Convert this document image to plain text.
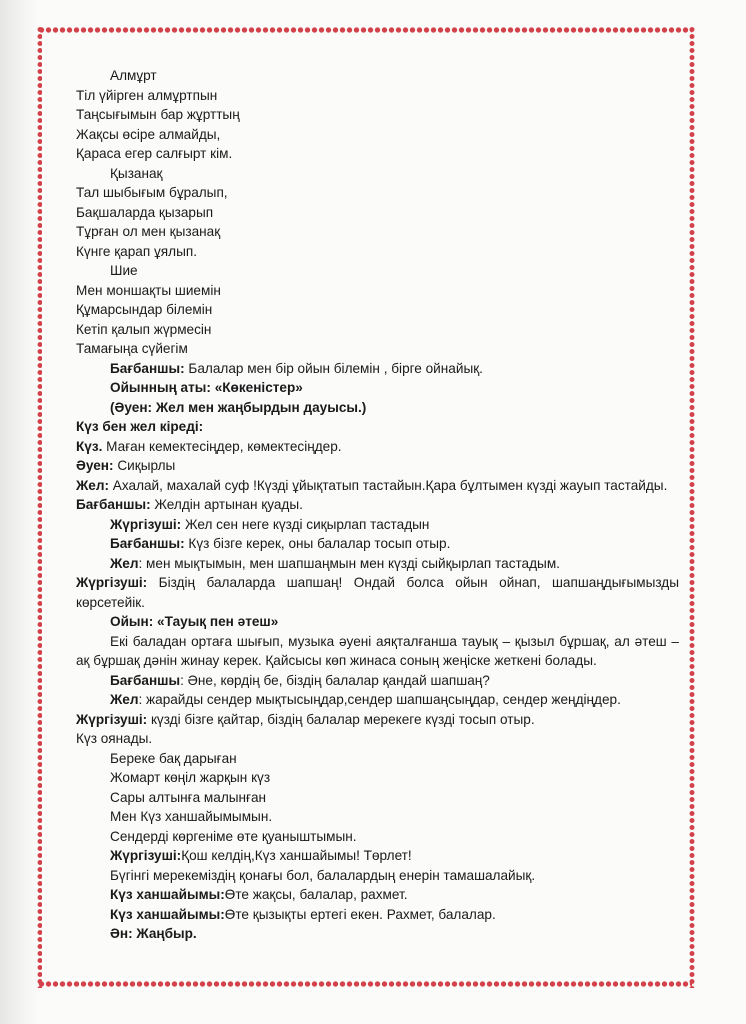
Алмұрт
Тіл үйірген алмұртпын
Таңсығымын бар жұрттың
Жақсы өсіре алмайды,
Қараса егер салғырт кім.
Қызанақ
Тал шыбығым бұралып,
Бақшаларда қызарып
Тұрған ол мен қызанақ
Күнге қарап ұялып.
Шие
Мен моншақты шиемін
Құмарсындар білемін
Кетіп қалып жүрмесін
Тамағыңа сүйегім
Бағбаншы: Балалар мен бір ойын білемін , бірге ойнайық.
Ойынның аты: «Көкеністер»
(Әуен: Жел мен жаңбырдын дауысы.)
Күз бен жел кіреді:
Күз. Маған кемектесіңдер, көмектесіңдер.
Әуен: Сиқырлы
Жел: Ахалай, махалай суф !Күзді ұйықтатып тастайын.Қара бұлтымен күзді жауып тастайды.
Бағбаншы: Желдін артынан қуады.
Жүргізуші: Жел сен неге күзді сиқырлап тастадын
Бағбаншы: Күз бізге керек, оны балалар тосып отыр.
Жел: мен мықтымын, мен шапшаңмын мен күзді сыйқырлап тастадым.
Жүргізуші: Біздің балаларда шапшаң! Ондай болса ойын ойнап, шапшаңдығымызды көрсетейік.
Ойын: «Тауық пен әтеш»
Екі баладан ортаға шығып, музыка әуені аяқталғанша тауық – қызыл бұршақ, ал әтеш –ақ бұршақ дәнін жинау керек. Қайсысы көп жинаса соның жеңіске жеткені болады.
Бағбаншы: Әне, көрдің бе, біздің балалар қандай шапшаң?
Жел: жарайды сендер мықтысыңдар,сендер шапшаңсыңдар, сендер жеңдіңдер.
Жүргізуші: күзді бізге қайтар, біздің балалар мерекеге күзді тосып отыр.
Күз оянады.
Береке бақ дарыған
Жомарт көңіл жарқын күз
Сары алтынға малынған
Мен Күз ханшайымымын.
Сендерді көргеніме өте қуаныштымын.
Жүргізуші:Қош келдің,Күз ханшайымы! Төрлет!
Бүгінгі мерекеміздің қонағы бол, балалардың енерін тамашалайық.
Күз ханшайымы:Өте жақсы, балалар, рахмет.
Күз ханшайымы:Өте қызықты ертегі екен. Рахмет, балалар.
Ән: Жаңбыр.
